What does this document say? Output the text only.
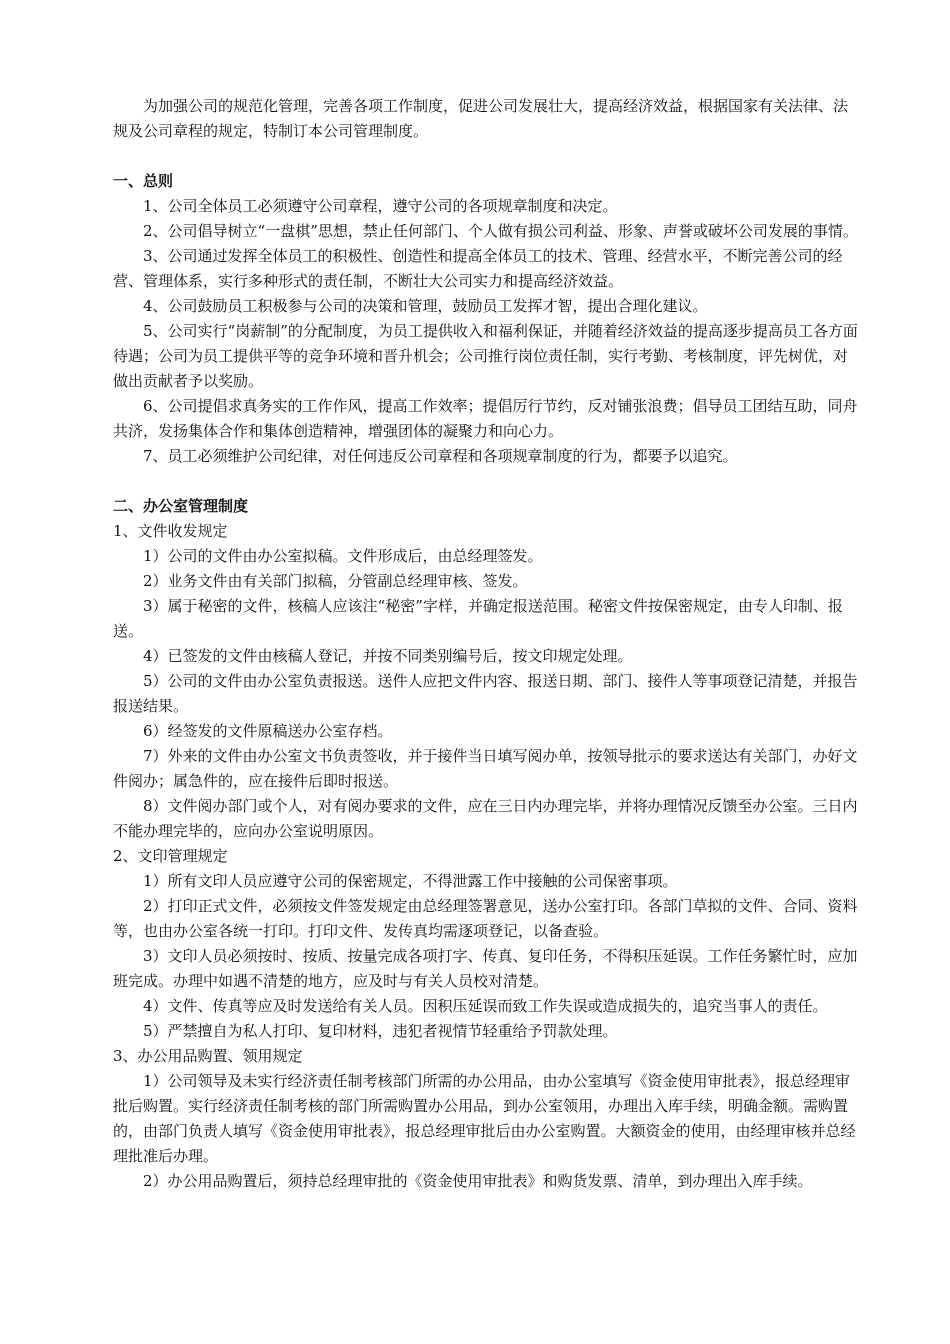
为加强公司的规范化管理，完善各项工作制度，促进公司发展壮大，提高经济效益，根据国家有关法律、法规及公司章程的规定，特制订本公司管理制度。

一、总则

1、公司全体员工必须遵守公司章程，遵守公司的各项规章制度和决定。

2、公司倡导树立“一盘棋”思想，禁止任何部门、个人做有损公司利益、形象、声誉或破坏公司发展的事情。

3、公司通过发挥全体员工的积极性、创造性和提高全体员工的技术、管理、经营水平，不断完善公司的经营、管理体系，实行多种形式的责任制，不断壮大公司实力和提高经济效益。

4、公司鼓励员工积极参与公司的决策和管理，鼓励员工发挥才智，提出合理化建议。

5、公司实行“岗薪制”的分配制度，为员工提供收入和福利保证，并随着经济效益的提高逐步提高员工各方面待遇；公司为员工提供平等的竞争环境和晋升机会；公司推行岗位责任制，实行考勤、考核制度，评先树优，对做出贡献者予以奖励。

6、公司提倡求真务实的工作作风，提高工作效率；提倡厉行节约，反对铺张浪费；倡导员工团结互助，同舟共济，发扬集体合作和集体创造精神，增强团体的凝聚力和向心力。

7、员工必须维护公司纪律，对任何违反公司章程和各项规章制度的行为，都要予以追究。

二、办公室管理制度

1、文件收发规定

1）公司的文件由办公室拟稿。文件形成后，由总经理签发。

2）业务文件由有关部门拟稿，分管副总经理审核、签发。

3）属于秘密的文件，核稿人应该注“秘密”字样，并确定报送范围。秘密文件按保密规定，由专人印制、报送。

4）已签发的文件由核稿人登记，并按不同类别编号后，按文印规定处理。

5）公司的文件由办公室负责报送。送件人应把文件内容、报送日期、部门、接件人等事项登记清楚，并报告报送结果。

6）经签发的文件原稿送办公室存档。

7）外来的文件由办公室文书负责签收，并于接件当日填写阅办单，按领导批示的要求送达有关部门，办好文件阅办；属急件的，应在接件后即时报送。

8）文件阅办部门或个人，对有阅办要求的文件，应在三日内办理完毕，并将办理情况反馈至办公室。三日内不能办理完毕的，应向办公室说明原因。

2、文印管理规定

1）所有文印人员应遵守公司的保密规定，不得泄露工作中接触的公司保密事项。

2）打印正式文件，必须按文件签发规定由总经理签署意见，送办公室打印。各部门草拟的文件、合同、资料等，也由办公室各统一打印。打印文件、发传真均需逐项登记，以备查验。

3）文印人员必须按时、按质、按量完成各项打字、传真、复印任务，不得积压延误。工作任务繁忙时，应加班完成。办理中如遇不清楚的地方，应及时与有关人员校对清楚。

4）文件、传真等应及时发送给有关人员。因积压延误而致工作失误或造成损失的，追究当事人的责任。

5）严禁擅自为私人打印、复印材料，违犯者视情节轻重给予罚款处理。

3、办公用品购置、领用规定

1）公司领导及未实行经济责任制考核部门所需的办公用品，由办公室填写《资金使用审批表》，报总经理审批后购置。实行经济责任制考核的部门所需购置办公用品，到办公室领用，办理出入库手续，明确金额。需购置的，由部门负责人填写《资金使用审批表》，报总经理审批后由办公室购置。大额资金的使用，由经理审核并总经理批准后办理。

2）办公用品购置后，须持总经理审批的《资金使用审批表》和购货发票、清单，到办理出入库手续。
